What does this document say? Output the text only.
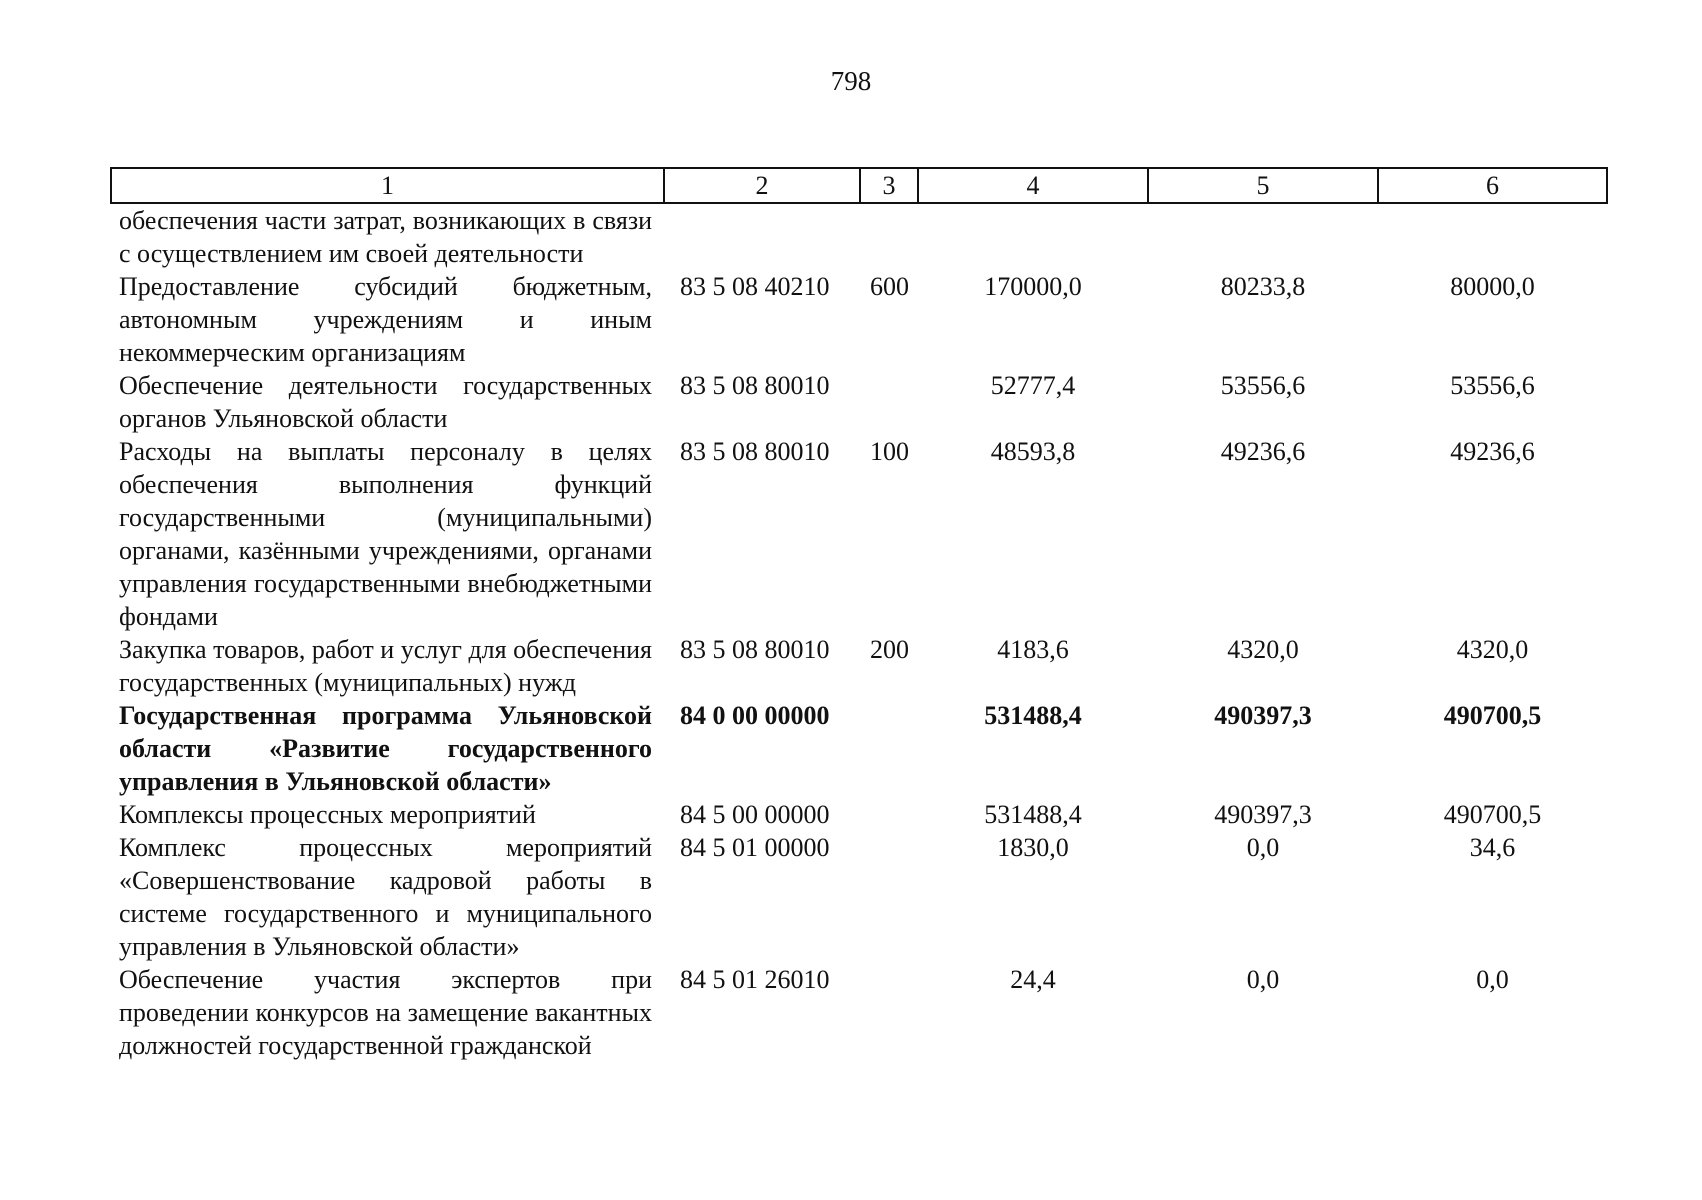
798
1	2	3	4	5	6
обеспечения части затрат, возникающих в связи с осуществлением им своей деятельности					
Предоставление субсидий бюджетным, автономным учреждениям и иным некоммерческим организациям	83 5 08 40210	600	170000,0	80233,8	80000,0
Обеспечение деятельности государственных органов Ульяновской области	83 5 08 80010		52777,4	53556,6	53556,6
Расходы на выплаты персоналу в целях обеспечения выполнения функций государственными (муниципальными) органами, казёнными учреждениями, органами управления государственными внебюджетными фондами	83 5 08 80010	100	48593,8	49236,6	49236,6
Закупка товаров, работ и услуг для обеспечения государственных (муниципальных) нужд	83 5 08 80010	200	4183,6	4320,0	4320,0
Государственная программа Ульяновской области «Развитие государственного управления в Ульяновской области»	84 0 00 00000		531488,4	490397,3	490700,5
Комплексы процессных мероприятий	84 5 00 00000		531488,4	490397,3	490700,5
Комплекс процессных мероприятий «Совершенствование кадровой работы в системе государственного и муниципального управления в Ульяновской области»	84 5 01 00000		1830,0	0,0	34,6
Обеспечение участия экспертов при проведении конкурсов на замещение вакантных должностей государственной гражданской	84 5 01 26010		24,4	0,0	0,0
